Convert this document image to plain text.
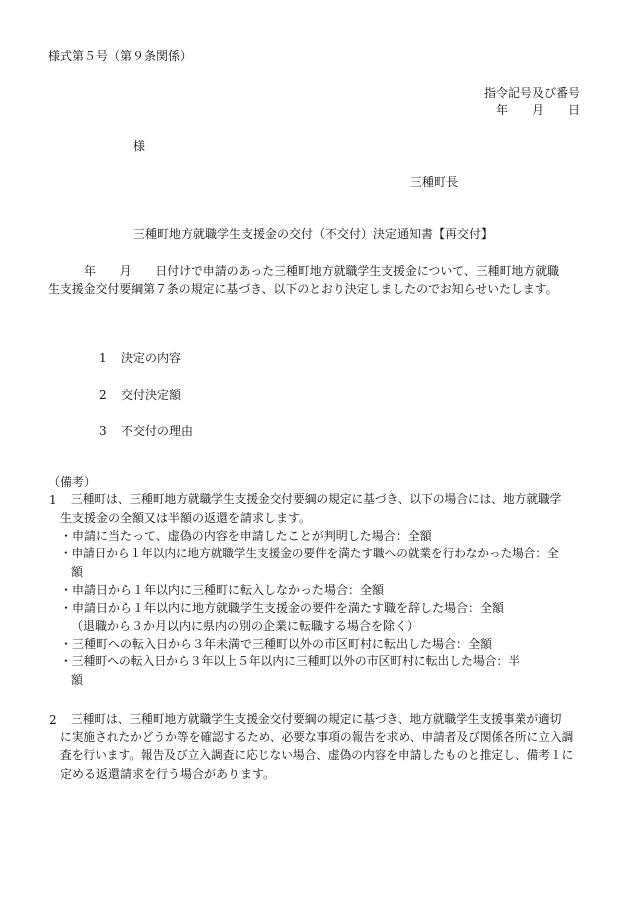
様式第５号（第９条関係）
指令記号及び番号
年　　月　　日
様
三種町長
三種町地方就職学生支援金の交付（不交付）決定通知書【再交付】
年　　月　　日付けで申請のあった三種町地方就職学生支援金について、三種町地方就職
生支援金交付要綱第７条の規定に基づき、以下のとおり決定しましたのでお知らせいたします。
1 決定の内容
2 交付決定額
3 不交付の理由
（備考）
1 三種町は、三種町地方就職学生支援金交付要綱の規定に基づき、以下の場合には、地方就職学
生支援金の全額又は半額の返還を請求します。
・申請に当たって、虚偽の内容を申請したことが判明した場合：全額
・申請日から１年以内に地方就職学生支援金の要件を満たす職への就業を行わなかった場合：全
額
・申請日から１年以内に三種町に転入しなかった場合：全額
・申請日から１年以内に地方就職学生支援金の要件を満たす職を辞した場合：全額
（退職から３か月以内に県内の別の企業に転職する場合を除く）
・三種町への転入日から３年未満で三種町以外の市区町村に転出した場合：全額
・三種町への転入日から３年以上５年以内に三種町以外の市区町村に転出した場合：半
額
2 三種町は、三種町地方就職学生支援金交付要綱の規定に基づき、地方就職学生支援事業が適切
に実施されたかどうか等を確認するため、必要な事項の報告を求め、申請者及び関係各所に立入調
査を行います。報告及び立入調査に応じない場合、虚偽の内容を申請したものと推定し、備考１に
定める返還請求を行う場合があります。
